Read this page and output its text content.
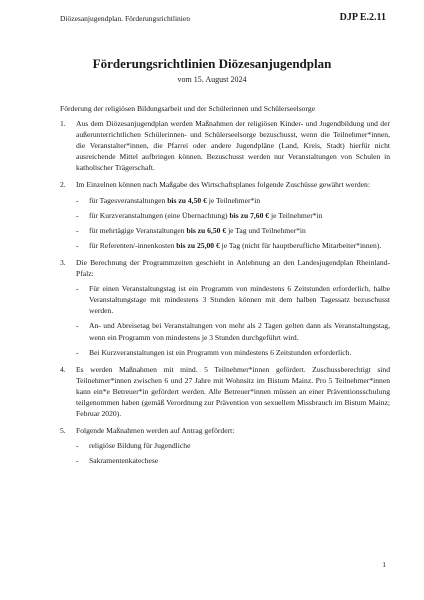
Diözesanjugendplan. Förderungsrichtlinien	DJP E.2.11
Förderungsrichtlinien Diözesanjugendplan
vom 15. August 2024
Förderung der religiösen Bildungsarbeit und der Schülerinnen und Schülerseelsorge
1.	Aus dem Diözesanjugendplan werden Maßnahmen der religiösen Kinder- und Jugendbildung und der außerunterrichtlichen Schülerinnen- und Schülerseelsorge bezuschusst, wenn die Teilnehmer*innen, die Veranstalter*innen, die Pfarrei oder andere Jugendpläne (Land, Kreis, Stadt) hierfür nicht ausreichende Mittel aufbringen können. Bezuschusst werden nur Veranstaltungen von Schulen in katholischer Trägerschaft.
2.	Im Einzelnen können nach Maßgabe des Wirtschaftsplanes folgende Zuschüsse gewährt werden:
-	für Tagesveranstaltungen bis zu 4,50 € je Teilnehmer*in
-	für Kurzveranstaltungen (eine Übernachtung) bis zu 7,60 € je Teilnehmer*in
-	für mehrtägige Veranstaltungen bis zu 6,50 € je Tag und Teilnehmer*in
-	für Referenten/-innenkosten bis zu 25,00 € je Tag (nicht für hauptberufliche Mitarbeiter*innen).
3.	Die Berechnung der Programmzeiten geschieht in Anlehnung an den Landesjugendplan Rheinland-Pfalz:
-	Für einen Veranstaltungstag ist ein Programm von mindestens 6 Zeitstunden erforderlich, halbe Veranstaltungstage mit mindestens 3 Stunden können mit dem halben Tagessatz bezuschusst werden.
-	An- und Abreisetag bei Veranstaltungen von mehr als 2 Tagen gelten dann als Veranstaltungstag, wenn ein Programm von mindestens je 3 Stunden durchgeführt wird.
-	Bei Kurzveranstaltungen ist ein Programm von mindestens 6 Zeitstunden erforderlich.
4.	Es werden Maßnahmen mit mind. 5 Teilnehmer*innen gefördert. Zuschussberechtigt sind Teilnehmer*innen zwischen 6 und 27 Jahre mit Wohnsitz im Bistum Mainz. Pro 5 Teilnehmer*innen kann ein*e Betreuer*in gefördert werden. Alle Betreuer*innen müssen an einer Präventionsschulung teilgenommen haben (gemäß Verordnung zur Prävention von sexuellem Missbrauch im Bistum Mainz; Februar 2020).
5.	Folgende Maßnahmen werden auf Antrag gefördert:
-	religiöse Bildung für Jugendliche
-	Sakramentenkatechese
1
